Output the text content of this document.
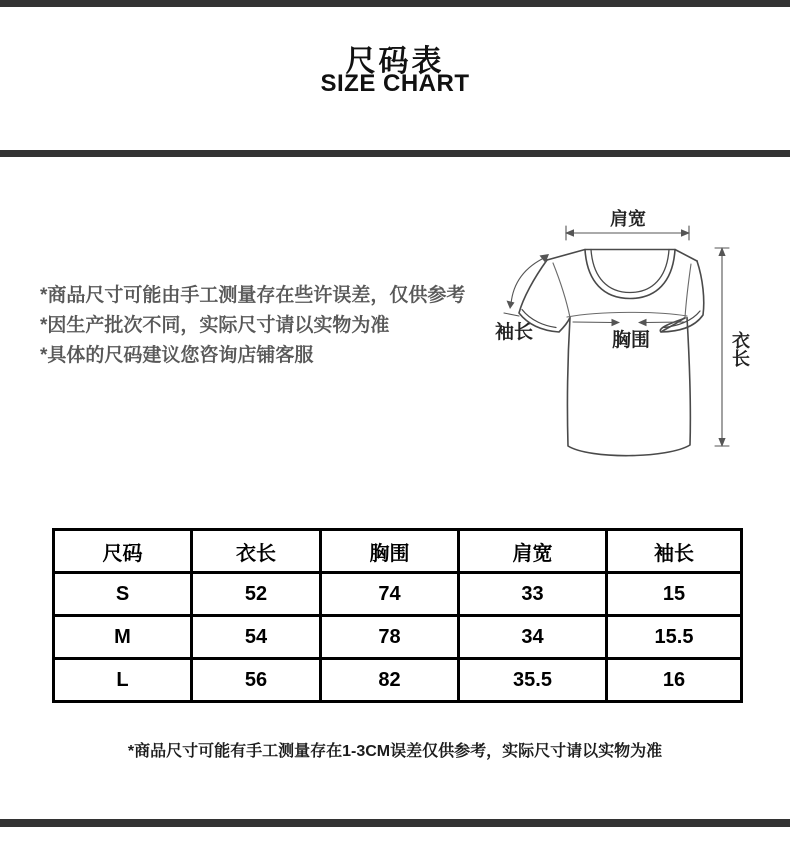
尺码表
SIZE CHART
*商品尺寸可能由手工测量存在些许误差，仅供参考
*因生产批次不同，实际尺寸请以实物为准
*具体的尺码建议您咨询店铺客服
肩宽
袖长	胸围	衣
长
尺码	衣长	胸围	肩宽	袖长
S	52	74	33	15
M	54	78	34	15.5
L	56	82	35.5	16
*商品尺寸可能有手工测量存在1-3CM误差仅供参考，实际尺寸请以实物为准
